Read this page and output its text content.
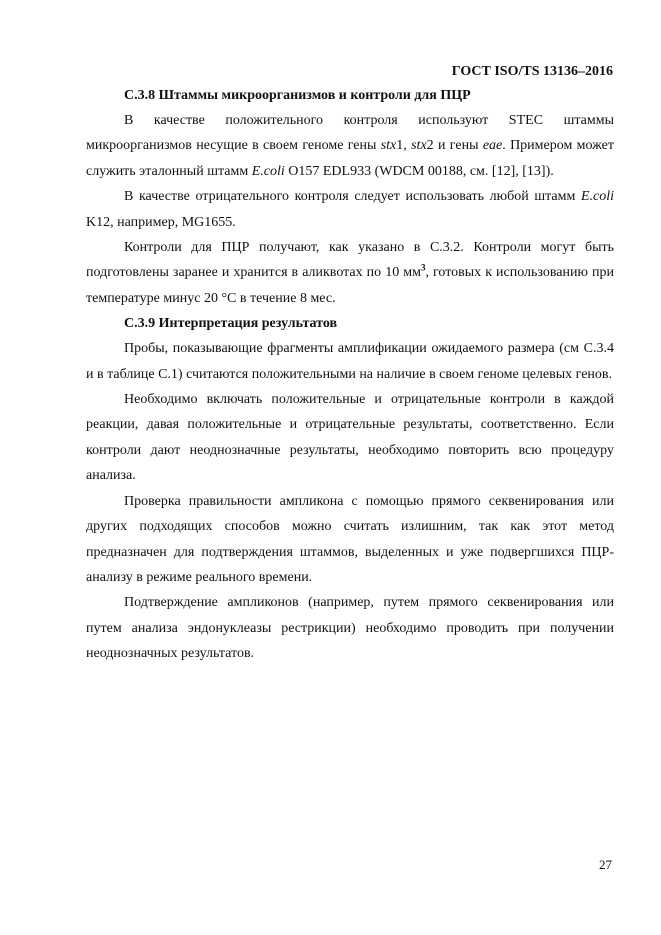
ГОСТ ISO/TS 13136–2016

С.3.8 Штаммы микроорганизмов и контроли для ПЦР

В качестве положительного контроля используют STEC штаммы микроорганизмов несущие в своем геноме гены stx1, stx2 и гены eae. Примером может служить эталонный штамм E.coli O157 EDL933 (WDCM 00188, см. [12], [13]).

В качестве отрицательного контроля следует использовать любой штамм E.coli K12, например, MG1655.

Контроли для ПЦР получают, как указано в С.3.2. Контроли могут быть подготовлены заранее и хранится в аликвотах по 10 $мм^3$, готовых к использованию при температуре минус 20 °C в течение 8 мес.

С.3.9 Интерпретация результатов

Пробы, показывающие фрагменты амплификации ожидаемого размера (см С.3.4 и в таблице С.1) считаются положительными на наличие в своем геноме целевых генов.

Необходимо включать положительные и отрицательные контроли в каждой реакции, давая положительные и отрицательные результаты, соответственно. Если контроли дают неоднозначные результаты, необходимо повторить всю процедуру анализа.

Проверка правильности ампликона с помощью прямого секвенирования или других подходящих способов можно считать излишним, так как этот метод предназначен для подтверждения штаммов, выделенных и уже подвергшихся ПЦР-анализу в режиме реального времени.

Подтверждение ампликонов (например, путем прямого секвенирования или путем анализа эндонуклеазы рестрикции) необходимо проводить при получении неоднозначных результатов.

27
